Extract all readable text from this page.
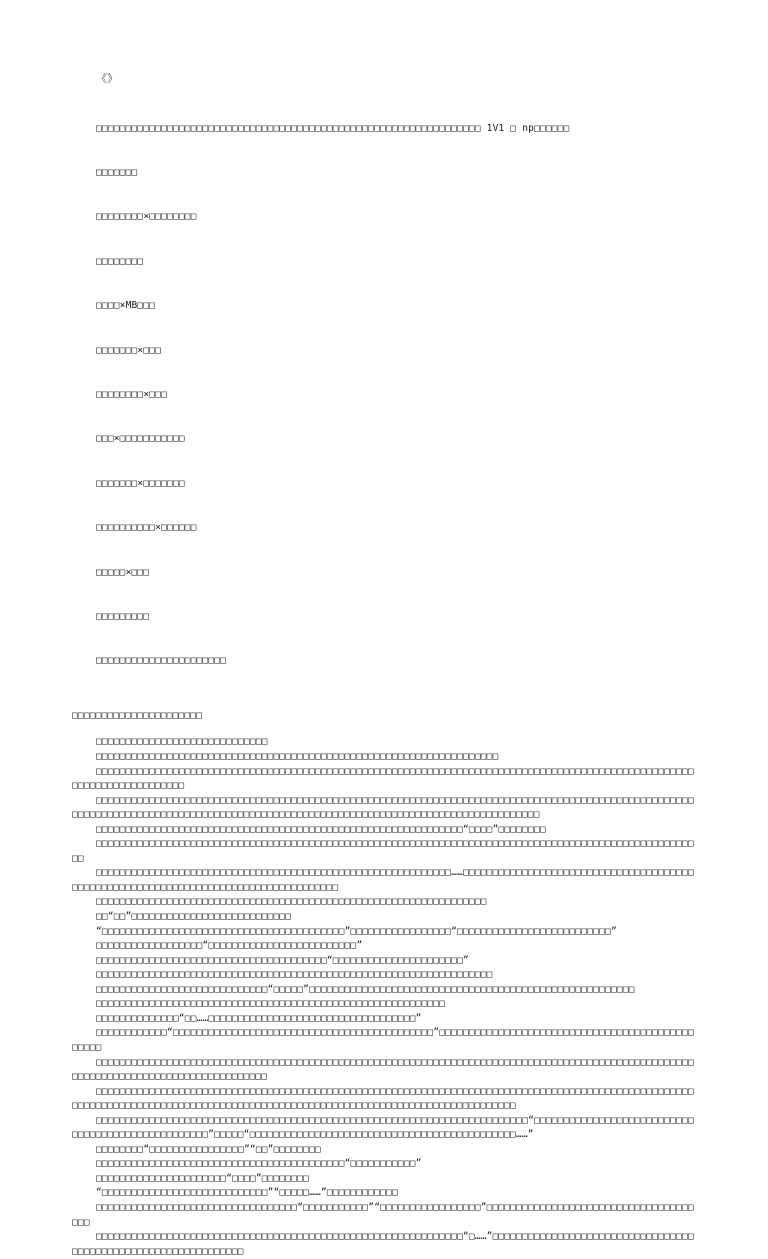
《》

□□□□□□□□□□□□□□□□□□□□□□□□□□□□□□□□□□□□□□□□□□□□□□□□□□□□□□□□□□□□□□□□□ 1V1 □ np□□□□□□

□□□□□□□

□□□□□□□□×□□□□□□□□

□□□□□□□□

□□□□×MB□□□

□□□□□□□×□□□

□□□□□□□□×□□□

□□□×□□□□□□□□□□□

□□□□□□□×□□□□□□□

□□□□□□□□□□×□□□□□□

□□□□□×□□□

□□□□□□□□□

□□□□□□□□□□□□□□□□□□□□□□

□□□□□□□□□□□□□□□□□□□□□□
□□□□□□□□□□□□□□□□□□□□□□□□□□□□□
□□□□□□□□□□□□□□□□□□□□□□□□□□□□□□□□□□□□□□□□□□□□□□□□□□□□□□□□□□□□□□□□□□□□
□□□□□□□□□□□□□□□□□□□□□□□□□□□□□□□□□□□□□□□□□□□□□□□□□□□□□□□□□□□□□□□□□□□□□□□□□□□□□□□□□□□□□□□□□□□□□□□□□□□□□□□□□□□□□□□□□□□□□□□□
□□□□□□□□□□□□□□□□□□□□□□□□□□□□□□□□□□□□□□□□□□□□□□□□□□□□□□□□□□□□□□□□□□□□□□□□□□□□□□□□□□□□□□□□□□□□□□□□□□□□□□□□□□□□□□□□□□□□□□□□□□□□□□□□□□□□□□□□□□□□□□□□□□□□□□□□□□□□□□□□□□□□□□□□□□□□□□□□□□□□
□□□□□□□□□□□□□□□□□□□□□□□□□□□□□□□□□□□□□□□□□□□□□□□□□□□□□□□□□□□□□□“□□□□”□□□□□□□□
□□□□□□□□□□□□□□□□□□□□□□□□□□□□□□□□□□□□□□□□□□□□□□□□□□□□□□□□□□□□□□□□□□□□□□□□□□□□□□□□□□□□□□□□□□□□□□□□□□□□□□□
□□□□□□□□□□□□□□□□□□□□□□□□□□□□□□□□□□□□□□□□□□□□□□□□□□□□□□□□□□□□……□□□□□□□□□□□□□□□□□□□□□□□□□□□□□□□□□□□□□□□□□□□□□□□□□□□□□□□□□□□□□□□□□□□□□□□□□□□□□□□□□□□□
□□□□□□□□□□□□□□□□□□□□□□□□□□□□□□□□□□□□□□□□□□□□□□□□□□□□□□□□□□□□□□□□□□
□□“□□”□□□□□□□□□□□□□□□□□□□□□□□□□□□
“□□□□□□□□□□□□□□□□□□□□□□□□□□□□□□□□□□□□□□□□□”□□□□□□□□□□□□□□□□□“□□□□□□□□□□□□□□□□□□□□□□□□□□”
□□□□□□□□□□□□□□□□□□“□□□□□□□□□□□□□□□□□□□□□□□□□”
□□□□□□□□□□□□□□□□□□□□□□□□□□□□□□□□□□□□□□□“□□□□□□□□□□□□□□□□□□□□□□”
□□□□□□□□□□□□□□□□□□□□□□□□□□□□□□□□□□□□□□□□□□□□□□□□□□□□□□□□□□□□□□□□□□□
□□□□□□□□□□□□□□□□□□□□□□□□□□□□□“□□□□□”□□□□□□□□□□□□□□□□□□□□□□□□□□□□□□□□□□□□□□□□□□□□□□□□□□□□□□□
□□□□□□□□□□□□□□□□□□□□□□□□□□□□□□□□□□□□□□□□□□□□□□□□□□□□□□□□□□□
□□□□□□□□□□□□□□“□□……□□□□□□□□□□□□□□□□□□□□□□□□□□□□□□□□□□□”
□□□□□□□□□□□□“□□□□□□□□□□□□□□□□□□□□□□□□□□□□□□□□□□□□□□□□□□□□”□□□□□□□□□□□□□□□□□□□□□□□□□□□□□□□□□□□□□□□□□□□□□□□□
□□□□□□□□□□□□□□□□□□□□□□□□□□□□□□□□□□□□□□□□□□□□□□□□□□□□□□□□□□□□□□□□□□□□□□□□□□□□□□□□□□□□□□□□□□□□□□□□□□□□□□□□□□□□□□□□□□□□□□□□□□□□□□□□□□□□□□
□□□□□□□□□□□□□□□□□□□□□□□□□□□□□□□□□□□□□□□□□□□□□□□□□□□□□□□□□□□□□□□□□□□□□□□□□□□□□□□□□□□□□□□□□□□□□□□□□□□□□□□□□□□□□□□□□□□□□□□□□□□□□□□□□□□□□□□□□□□□□□□□□□□□□□□□□□□□□□□□□□□□□□□□□□□□□□□□
□□□□□□□□□□□□□□□□□□□□□□□□□□□□□□□□□□□□□□□□□□□□□□□□□□□□□□□□□□□□□□□□□□□□□□□□□“□□□□□□□□□□□□□□□□□□□□□□□□□□□□□□□□□□□□□□□□□□□□□□□□□□”□□□□□“□□□□□□□□□□□□□□□□□□□□□□□□□□□□□□□□□□□□□□□□□□□□□……”
□□□□□□□□“□□□□□□□□□□□□□□□□”“□□”□□□□□□□□
□□□□□□□□□□□□□□□□□□□□□□□□□□□□□□□□□□□□□□□□□□“□□□□□□□□□□□”
□□□□□□□□□□□□□□□□□□□□□□“□□□□”□□□□□□□□
“□□□□□□□□□□□□□□□□□□□□□□□□□□□□”“□□□□□……”□□□□□□□□□□□□
□□□□□□□□□□□□□□□□□□□□□□□□□□□□□□□□□□“□□□□□□□□□□□”“□□□□□□□□□□□□□□□□□”□□□□□□□□□□□□□□□□□□□□□□□□□□□□□□□□□□□□□□
□□□□□□□□□□□□□□□□□□□□□□□□□□□□□□□□□□□□□□□□□□□□□□□□□□□□□□□□□□□□□□“□……”□□□□□□□□□□□□□□□□□□□□□□□□□□□□□□□□□□□□□□□□□□□□□□□□□□□□□□□□□□□□□□□
